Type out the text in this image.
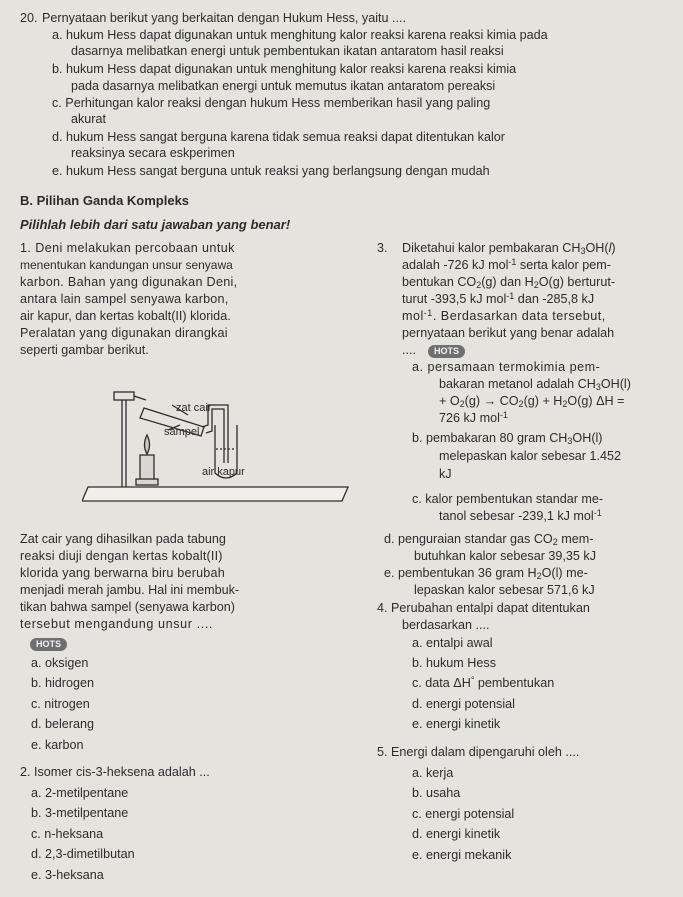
20. Pernyataan berikut yang berkaitan dengan Hukum Hess, yaitu ....
a. hukum Hess dapat digunakan untuk menghitung kalor reaksi karena reaksi kimia pada
dasarnya melibatkan energi untuk pembentukan ikatan antaratom hasil reaksi
b. hukum Hess dapat digunakan untuk menghitung kalor reaksi karena reaksi kimia
pada dasarnya melibatkan energi untuk memutus ikatan antaratom pereaksi
c. Perhitungan kalor reaksi dengan hukum Hess memberikan hasil yang paling
akurat
d. hukum Hess sangat berguna karena tidak semua reaksi dapat ditentukan kalor
reaksinya secara eskperimen
e. hukum Hess sangat berguna untuk reaksi yang berlangsung dengan mudah
B. Pilihan Ganda Kompleks
Pilihlah lebih dari satu jawaban yang benar!
1. Deni melakukan percobaan untuk
menentukan kandungan unsur senyawa
karbon. Bahan yang digunakan Deni,
antara lain sampel senyawa karbon,
air kapur, dan kertas kobalt(II) klorida.
Peralatan yang digunakan dirangkai
seperti gambar berikut.
zat cair
sampel
air kapur
Zat cair yang dihasilkan pada tabung
reaksi diuji dengan kertas kobalt(II)
klorida yang berwarna biru berubah
menjadi merah jambu. Hal ini membuk-
tikan bahwa sampel (senyawa karbon)
tersebut mengandung unsur ....
HOTS
a. oksigen
b. hidrogen
c. nitrogen
d. belerang
e. karbon
2. Isomer cis-3-heksena adalah ...
a. 2-metilpentane
b. 3-metilpentane
c. n-heksana
d. 2,3-dimetilbutan
e. 3-heksana
3. Diketahui kalor pembakaran $CH_3OH(l)$
adalah -726 kJ mol$^{-1}$ serta kalor pem-
bentukan $CO_2(g)$ dan $H_2O(g)$ berturut-
turut -393,5 kJ mol$^{-1}$ dan -285,8 kJ
mol$^{-1}$. Berdasarkan data tersebut,
pernyataan berikut yang benar adalah
....	HOTS
a. persamaan termokimia pem-
bakaran metanol adalah $CH_3OH(l)$
+ $O_2(g) \to CO_2(g) + H_2O(g) \Delta H$ =
726 kJ mol$^{-1}$
b. pembakaran 80 gram $CH_3OH(l)$
melepaskan kalor sebesar 1.452
kJ
c. kalor pembentukan standar me-
tanol sebesar -239,1 kJ mol$^{-1}$
d. penguraian standar gas $CO_2$ mem-
butuhkan kalor sebesar 39,35 kJ
e. pembentukan 36 gram $H_2O(l)$ me-
lepaskan kalor sebesar 571,6 kJ
4. Perubahan entalpi dapat ditentukan
berdasarkan ....
a. entalpi awal
b. hukum Hess
c. data ΔH° pembentukan
d. energi potensial
e. energi kinetik
5. Energi dalam dipengaruhi oleh ....
a. kerja
b. usaha
c. energi potensial
d. energi kinetik
e. energi mekanik
